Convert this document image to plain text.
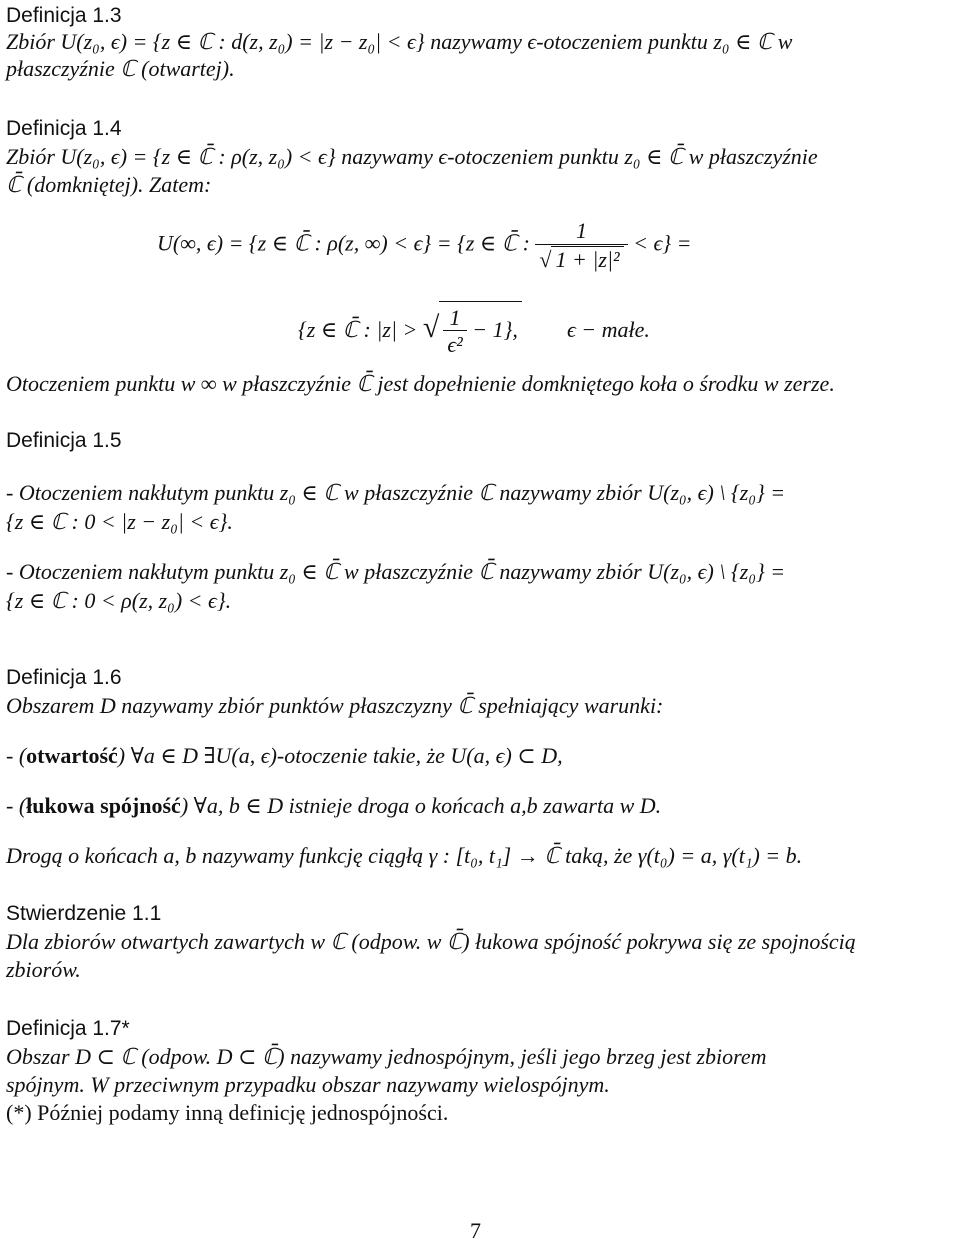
Definicja 1.3
Zbiór U(z₀, ϵ) = {z ∈ ℂ : d(z, z₀) = |z − z₀| < ϵ} nazywamy ϵ-otoczeniem punktu z₀ ∈ ℂ w
płaszczyźnie ℂ (otwartej).
Definicja 1.4
Zbiór U(z₀, ϵ) = {z ∈ ℂ̄ : ρ(z, z₀) < ϵ} nazywamy ϵ-otoczeniem punktu z₀ ∈ ℂ̄ w płaszczyźnie
ℂ̄ (domkniętej). Zatem:
U(∞, ϵ) = {z ∈ ℂ̄ : ρ(z, ∞) < ϵ} = {z ∈ ℂ̄ : $\frac{1}{\text{√ 1 + |z|²}} < \epsilon$} =
{z ∈ ℂ̄ : |z| > √ $\frac{1}{\text{ϵ²}} - 1$}, ϵ − małe.
Otoczeniem punktu w ∞ w płaszczyźnie ℂ̄ jest dopełnienie domkniętego koła o środku w zerze.
Definicja 1.5
- Otoczeniem nakłutym punktu z₀ ∈ ℂ w płaszczyźnie ℂ nazywamy zbiór U(z₀, ϵ) \ {z₀} =
{z ∈ ℂ : 0 < |z − z₀| < ϵ}.
- Otoczeniem nakłutym punktu z₀ ∈ ℂ̄ w płaszczyźnie ℂ̄ nazywamy zbiór U(z₀, ϵ) \ {z₀} =
{z ∈ ℂ : 0 < ρ(z, z₀) < ϵ}.
Definicja 1.6
Obszarem D nazywamy zbiór punktów płaszczyzny ℂ̄ spełniający warunki:
- (otwartość) ∀a ∈ D ∃U(a, ϵ)-otoczenie takie, że U(a, ϵ) ⊂ D,
- (łukowa spójność) ∀a, b ∈ D istnieje droga o końcach a,b zawarta w D.
Drogą o końcach a, b nazywamy funkcję ciągłą γ : [t₀, t₁] → ℂ̄ taką, że γ(t₀) = a, γ(t₁) = b.
Stwierdzenie 1.1
Dla zbiorów otwartych zawartych w ℂ (odpow. w ℂ̄) łukowa spójność pokrywa się ze spojnością
zbiorów.
Definicja 1.7*
Obszar D ⊂ ℂ (odpow. D ⊂ ℂ̄) nazywamy jednospójnym, jeśli jego brzeg jest zbiorem
spójnym. W przeciwnym przypadku obszar nazywamy wielospójnym.
(*) Później podamy inną definicję jednospójności.
7
